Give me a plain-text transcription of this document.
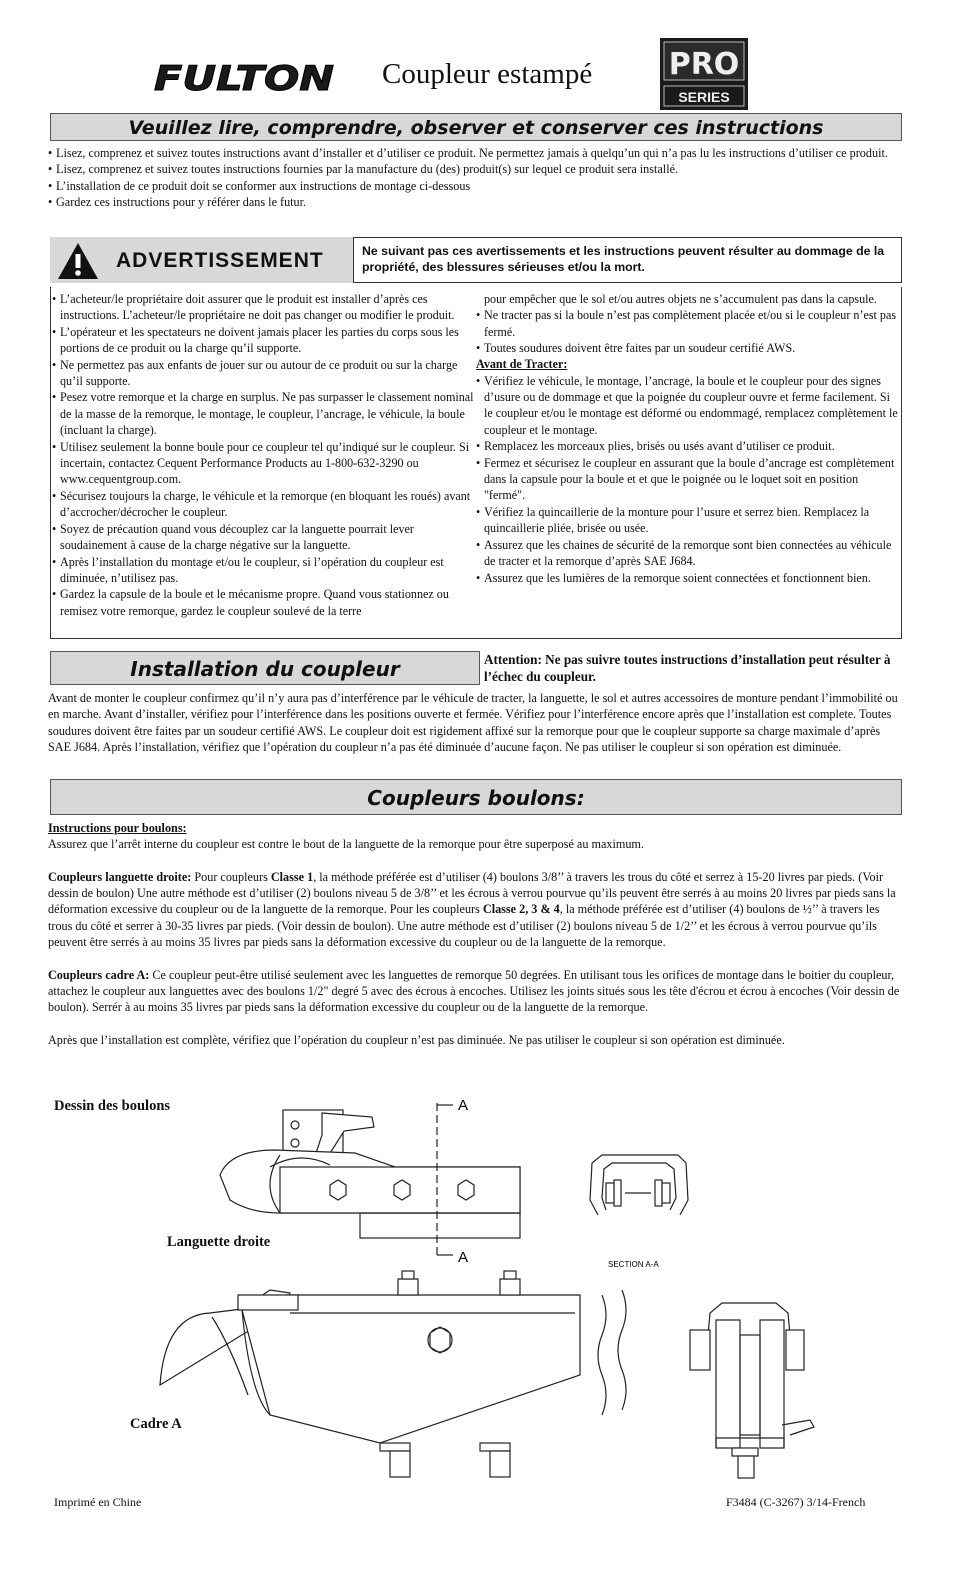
FULTON Coupleur estampé	PRO
SERIES
Veuillez lire, comprendre, observer et conserver ces instructions
• Lisez, comprenez et suivez toutes instructions avant d’installer et d’utiliser ce produit. Ne permettez jamais à quelqu’un qui n’a pas lu les instructions d’utiliser ce produit.
• Lisez, comprenez et suivez toutes instructions fournies par la manufacture du (des) produit(s) sur lequel ce produit sera installé.
• L’installation de ce produit doit se conformer aux instructions de montage ci-dessous
• Gardez ces instructions pour y référer dans le futur.
ADVERTISSEMENT	Ne suivant pas ces avertissements et les instructions peuvent résulter au dommage de la propriété, des blessures sérieuses et/ou la mort.
• L’acheteur/le propriétaire doit assurer que le produit est installer d’après ces instructions. L’acheteur/le propriétaire ne doit pas changer ou modifier le produit.
• L’opérateur et les spectateurs ne doivent jamais placer les parties du corps sous les portions de ce produit ou la charge qu’il supporte.
• Ne permettez pas aux enfants de jouer sur ou autour de ce produit ou sur la charge qu’il supporte.
• Pesez votre remorque et la charge en surplus. Ne pas surpasser le classement nominal de la masse de la remorque, le montage, le coupleur, l’ancrage, le véhicule, la boule (incluant la charge).
• Utilisez seulement la bonne boule pour ce coupleur tel qu’indiqué sur le coupleur. Si incertain, contactez Cequent Performance Products au 1-800-632-3290 ou www.cequentgroup.com.
• Sécurisez toujours la charge, le véhicule et la remorque (en bloquant les roués) avant d’accrocher/décrocher le coupleur.
• Soyez de précaution quand vous découplez car la languette pourrait lever soudainement à cause de la charge négative sur la languette.
• Après l’installation du montage et/ou le coupleur, si l’opération du coupleur est diminuée, n’utilisez pas.
• Gardez la capsule de la boule et le mécanisme propre. Quand vous stationnez ou remisez votre remorque, gardez le coupleur soulevé de la terre
pour empêcher que le sol et/ou autres objets ne s’accumulent pas dans la capsule.
• Ne tracter pas si la boule n’est pas complètement placée et/ou si le coupleur n’est pas fermé.
• Toutes soudures doivent être faites par un soudeur certifié AWS.
Avant de Tracter:
• Vérifiez le véhicule, le montage, l’ancrage, la boule et le coupleur pour des signes d’usure ou de dommage et que la poignée du coupleur ouvre et ferme facilement. Si le coupleur et/ou le montage est déformé ou endommagé, remplacez complètement le coupleur et le montage.
• Remplacez les morceaux plies, brisés ou usés avant d’utiliser ce produit.
• Fermez et sécurisez le coupleur en assurant que la boule d’ancrage est complètement dans la capsule pour la boule et et que le poignée ou le loquet soit en position "fermé".
• Vérifiez la quincaillerie de la monture pour l’usure et serrez bien. Remplacez la quincaillerie pliée, brisée ou usée.
• Assurez que les chaines de sécurité de la remorque sont bien connectées au véhicule de tracter et la remorque d’après SAE J684.
• Assurez que les lumières de la remorque soient connectées et fonctionnent bien.
Installation du coupleur	Attention: Ne pas suivre toutes instructions d’installation peut résulter à l’échec du coupleur.
Avant de monter le coupleur confirmez qu’il n’y aura pas d’interférence par le véhicule de tracter, la languette, le sol et autres accessoires de monture pendant l’immobilité ou en marche. Avant d’installer, vérifiez pour l’interférence dans les positions ouverte et fermée. Vérifiez pour l’interférence encore après que l’installation est complete. Toutes soudures doivent être faites par un soudeur certifié AWS. Le coupleur doit est rigidement affixé sur la remorque pour que le coupleur supporte sa charge maximale d’après SAE J684. Après l’installation, vérifiez que l’opération du coupleur n’a pas été diminuée d’aucune façon. Ne pas utiliser le coupleur si son opération est diminuée.
Coupleurs boulons:
Instructions pour boulons:

Assurez que l’arrêt interne du coupleur est contre le bout de la languette de la remorque pour être superposé au maximum.

Coupleurs languette droite: Pour coupleurs Classe 1, la méthode préférée est d’utiliser (4) boulons 3/8’’ à travers les trous du côté et serrez à 15-20 livres par pieds. (Voir dessin de boulon) Une autre méthode est d’utiliser (2) boulons niveau 5 de 3/8’’ et les écrous à verrou pourvue qu’ils peuvent être serrés à au moins 20 livres par pieds sans la déformation excessive du coupleur ou de la languette de la remorque. Pour les coupleurs Classe 2, 3 & 4, la méthode préférée est d’utiliser (4) boulons de ½’’ à travers les trous du côté et serrer à 30-35 livres par pieds. (Voir dessin de boulon). Une autre méthode est d’utiliser (2) boulons niveau 5 de 1/2’’ et les écrous à verrou pourvue qu’ils peuvent être serrés à au moins 35 livres par pieds sans la déformation excessive du coupleur ou de la languette de la remorque.

Coupleurs cadre A: Ce coupleur peut-être utilisé seulement avec les languettes de remorque 50 degrées. En utilisant tous les orifices de montage dans le boitier du coupleur, attachez le coupleur aux languettes avec des boulons 1/2" degré 5 avec des écrous à encoches. Utilisez les joints situés sous les tête d'écrou et écrou à encoches (Voir dessin de boulon). Serrér à au moins 35 livres par pieds sans la déformation excessive du coupleur ou de la languette de la remorque.

Après que l’installation est complète, vérifiez que l’opération du coupleur n’est pas diminuée. Ne pas utiliser le coupleur si son opération est diminuée.

Dessin des boulons
Languette droite
Cadre A
A
A	SECTION A-A
Imprimé en Chine	F3484 (C-3267) 3/14-French
